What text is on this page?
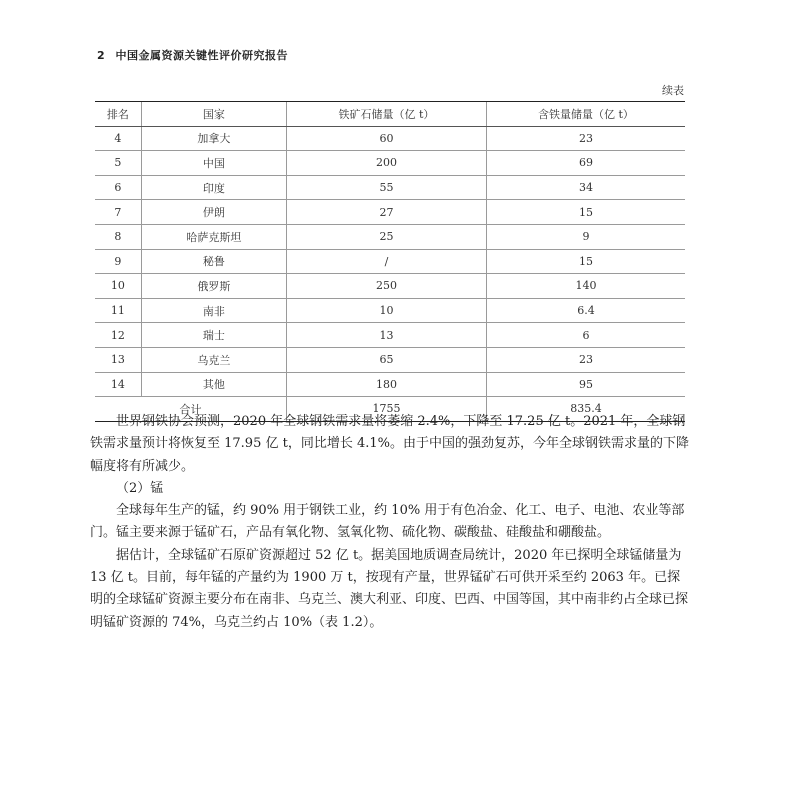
2 中国金属资源关键性评价研究报告
续表
排名	国家	铁矿石储量（亿 t）	含铁量储量（亿 t）
4	加拿大	60	23
5	中国	200	69
6	印度	55	34
7	伊朗	27	15
8	哈萨克斯坦	25	9
9	秘鲁	/	15
10	俄罗斯	250	140
11	南非	10	6.4
12	瑞士	13	6
13	乌克兰	65	23
14	其他	180	95
合计		1755	835.4

世界钢铁协会预测，2020 年全球钢铁需求量将萎缩 2.4%，下降至 17.25 亿 t。2021 年，全球钢铁需求量预计将恢复至 17.95 亿 t，同比增长 4.1%。由于中国的强劲复苏，今年全球钢铁需求量的下降幅度将有所减少。

（2）锰

全球每年生产的锰，约 90% 用于钢铁工业，约 10% 用于有色冶金、化工、电子、电池、农业等部门。锰主要来源于锰矿石，产品有氧化物、氢氧化物、硫化物、碳酸盐、硅酸盐和硼酸盐。

据估计，全球锰矿石原矿资源超过 52 亿 t。据美国地质调查局统计，2020 年已探明全球锰储量为 13 亿 t。目前，每年锰的产量约为 1900 万 t，按现有产量，世界锰矿石可供开采至约 2063 年。已探明的全球锰矿资源主要分布在南非、乌克兰、澳大利亚、印度、巴西、中国等国，其中南非约占全球已探明锰矿资源的 74%，乌克兰约占 10%（表 1.2）。
